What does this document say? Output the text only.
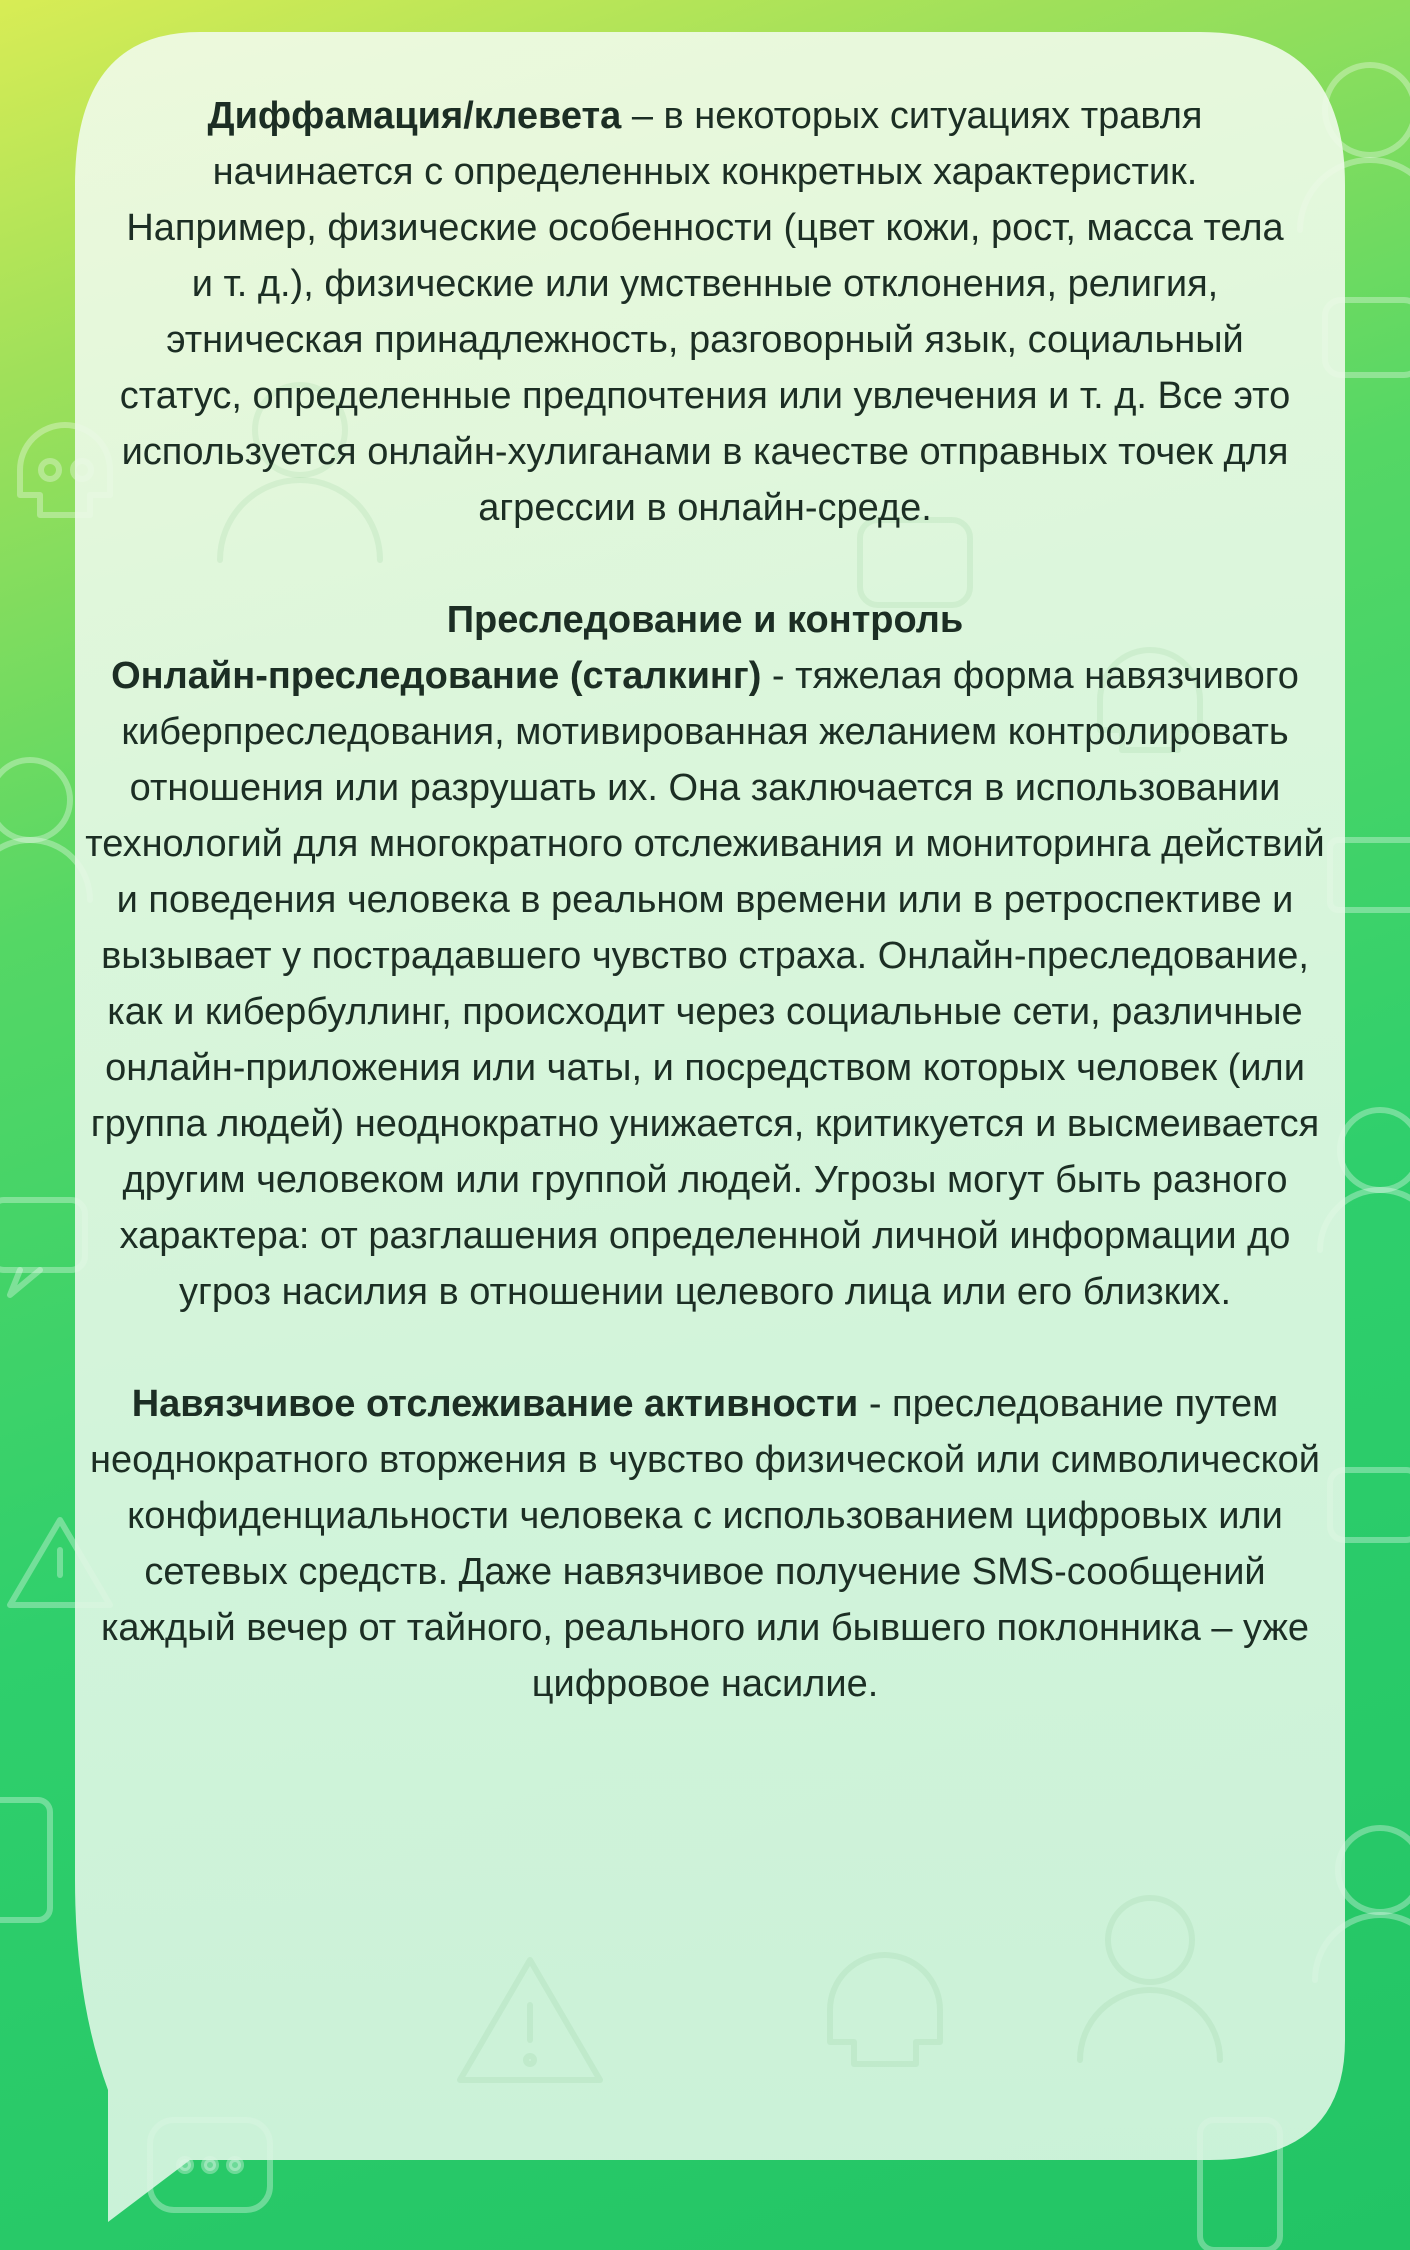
Диффамация/клевета – в некоторых ситуациях травля начинается с определенных конкретных характеристик. Например, физические особенности (цвет кожи, рост, масса тела и т. д.), физические или умственные отклонения, религия, этническая принадлежность, разговорный язык, социальный статус, определенные предпочтения или увлечения и т. д. Все это используется онлайн-хулиганами в качестве отправных точек для агрессии в онлайн-среде.

Преследование и контроль

Онлайн-преследование (сталкинг) - тяжелая форма навязчивого киберпреследования, мотивированная желанием контролировать отношения или разрушать их. Она заключается в использовании технологий для многократного отслеживания и мониторинга действий и поведения человека в реальном времени или в ретроспективе и вызывает у пострадавшего чувство страха. Онлайн-преследование, как и кибербуллинг, происходит через социальные сети, различные онлайн-приложения или чаты, и посредством которых человек (или группа людей) неоднократно унижается, критикуется и высмеивается другим человеком или группой людей. Угрозы могут быть разного характера: от разглашения определенной личной информации до угроз насилия в отношении целевого лица или его близких.

Навязчивое отслеживание активности - преследование путем неоднократного вторжения в чувство физической или символической конфиденциальности человека с использованием цифровых или сетевых средств. Даже навязчивое получение SMS-сообщений каждый вечер от тайного, реального или бывшего поклонника – уже цифровое насилие.
